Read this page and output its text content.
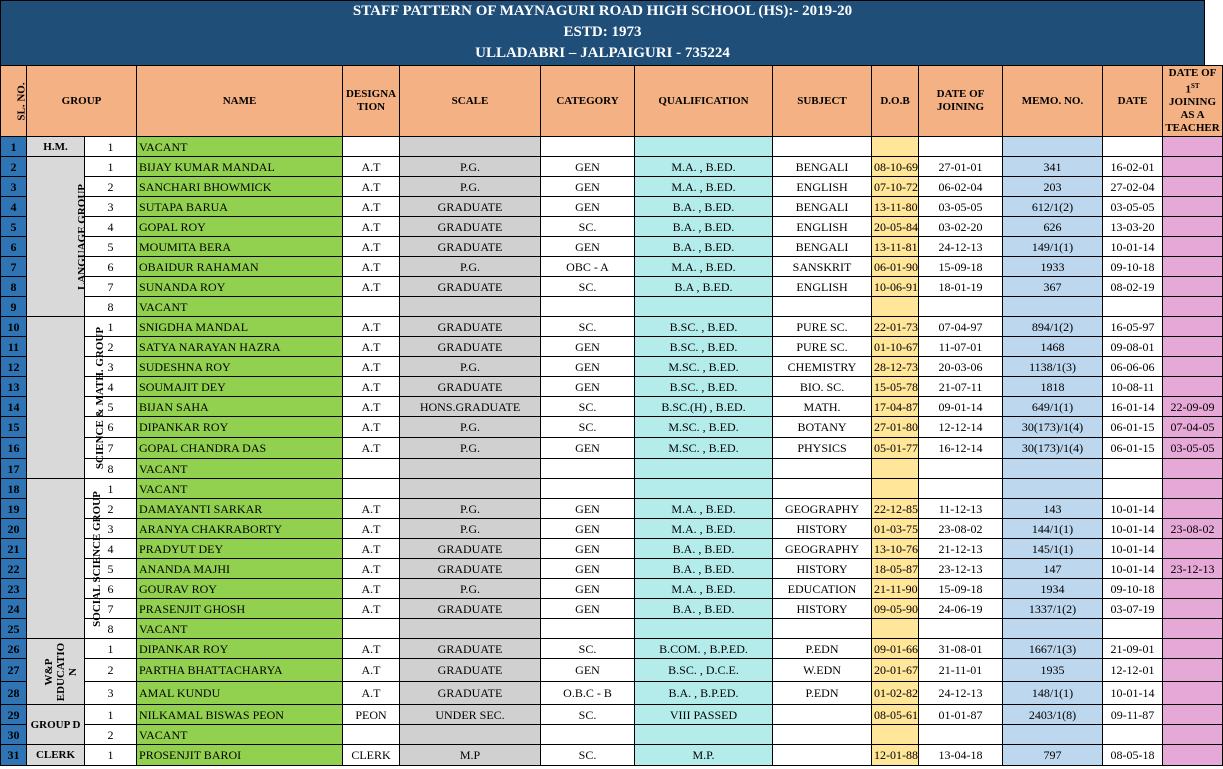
STAFF PATTERN OF MAYNAGURI ROAD HIGH SCHOOL (HS):- 2019-20
ESTD: 1973
ULLADABRI – JALPAIGURI - 735224
SL. NO.	GROUP		NAME	DESIGNA TION	SCALE	CATEGORY	QUALIFICATION	SUBJECT	D.O.B	DATE OF JOINING	MEMO. NO.	DATE	DATE OF 1ST JOINING AS A TEACHER
1	H.M.	1	VACANT										
2	LANGUAGE GROUP	1	BIJAY KUMAR MANDAL	A.T	P.G.	GEN	M.A. , B.ED.	BENGALI	08-10-69	27-01-01	341	16-02-01	
3		2	SANCHARI BHOWMICK	A.T	P.G.	GEN	M.A. , B.ED.	ENGLISH	07-10-72	06-02-04	203	27-02-04	
4		3	SUTAPA BARUA	A.T	GRADUATE	GEN	B.A. , B.ED.	BENGALI	13-11-80	03-05-05	612/1(2)	03-05-05	
5		4	GOPAL ROY	A.T	GRADUATE	SC.	B.A. , B.ED.	ENGLISH	20-05-84	03-02-20	626	13-03-20	
6		5	MOUMITA BERA	A.T	GRADUATE	GEN	B.A. , B.ED.	BENGALI	13-11-81	24-12-13	149/1(1)	10-01-14	
7		6	OBAIDUR RAHAMAN	A.T	P.G.	OBC - A	M.A. , B.ED.	SANSKRIT	06-01-90	15-09-18	1933	09-10-18	
8		7	SUNANDA ROY	A.T	GRADUATE	SC.	B.A , B.ED.	ENGLISH	10-06-91	18-01-19	367	08-02-19	
9		8	VACANT										
10	SCIENCE & MATH. GROUP	1	SNIGDHA MANDAL	A.T	GRADUATE	SC.	B.SC. , B.ED.	PURE SC.	22-01-73	07-04-97	894/1(2)	16-05-97	
11		2	SATYA NARAYAN HAZRA	A.T	GRADUATE	GEN	B.SC. , B.ED.	PURE SC.	01-10-67	11-07-01	1468	09-08-01	
12		3	SUDESHNA ROY	A.T	P.G.	GEN	M.SC. , B.ED.	CHEMISTRY	28-12-73	20-03-06	1138/1(3)	06-06-06	
13		4	SOUMAJIT DEY	A.T	GRADUATE	GEN	B.SC. , B.ED.	BIO. SC.	15-05-78	21-07-11	1818	10-08-11	
14		5	BIJAN SAHA	A.T	HONS.GRADUATE	SC.	B.SC.(H) , B.ED.	MATH.	17-04-87	09-01-14	649/1(1)	16-01-14	22-09-09
15		6	DIPANKAR ROY	A.T	P.G.	SC.	M.SC. , B.ED.	BOTANY	27-01-80	12-12-14	30(173)/1(4)	06-01-15	07-04-05
16		7	GOPAL CHANDRA DAS	A.T	P.G.	GEN	M.SC. , B.ED.	PHYSICS	05-01-77	16-12-14	30(173)/1(4)	06-01-15	03-05-05
17		8	VACANT										
18	SOCIAL SCIENCE GROUP	1	VACANT										
19		2	DAMAYANTI SARKAR	A.T	P.G.	GEN	M.A. , B.ED.	GEOGRAPHY	22-12-85	11-12-13	143	10-01-14	
20		3	ARANYA CHAKRABORTY	A.T	P.G.	GEN	M.A. , B.ED.	HISTORY	01-03-75	23-08-02	144/1(1)	10-01-14	23-08-02
21		4	PRADYUT DEY	A.T	GRADUATE	GEN	B.A. , B.ED.	GEOGRAPHY	13-10-76	21-12-13	145/1(1)	10-01-14	
22		5	ANANDA MAJHI	A.T	GRADUATE	GEN	B.A. , B.ED.	HISTORY	18-05-87	23-12-13	147	10-01-14	23-12-13
23		6	GOURAV ROY	A.T	P.G.	GEN	M.A. , B.ED.	EDUCATION	21-11-90	15-09-18	1934	09-10-18	
24		7	PRASENJIT GHOSH	A.T	GRADUATE	GEN	B.A. , B.ED.	HISTORY	09-05-90	24-06-19	1337/1(2)	03-07-19	
25		8	VACANT										
26	W&P EDUCATIO N	1	DIPANKAR ROY	A.T	GRADUATE	SC.	B.COM. , B.P.ED.	P.EDN	09-01-66	31-08-01	1667/1(3)	21-09-01	
27		2	PARTHA BHATTACHARYA	A.T	GRADUATE	GEN	B.SC. , D.C.E.	W.EDN	20-01-67	21-11-01	1935	12-12-01	
28		3	AMAL KUNDU	A.T	GRADUATE	O.B.C - B	B.A. , B.P.ED.	P.EDN	01-02-82	24-12-13	148/1(1)	10-01-14	
29	GROUP D	1	NILKAMAL BISWAS PEON	PEON	UNDER SEC.	SC.	VIII PASSED		08-05-61	01-01-87	2403/1(8)	09-11-87	
30		2	VACANT										
31	CLERK	1	PROSENJIT BAROI	CLERK	M.P	SC.	M.P.		12-01-88	13-04-18	797	08-05-18	
